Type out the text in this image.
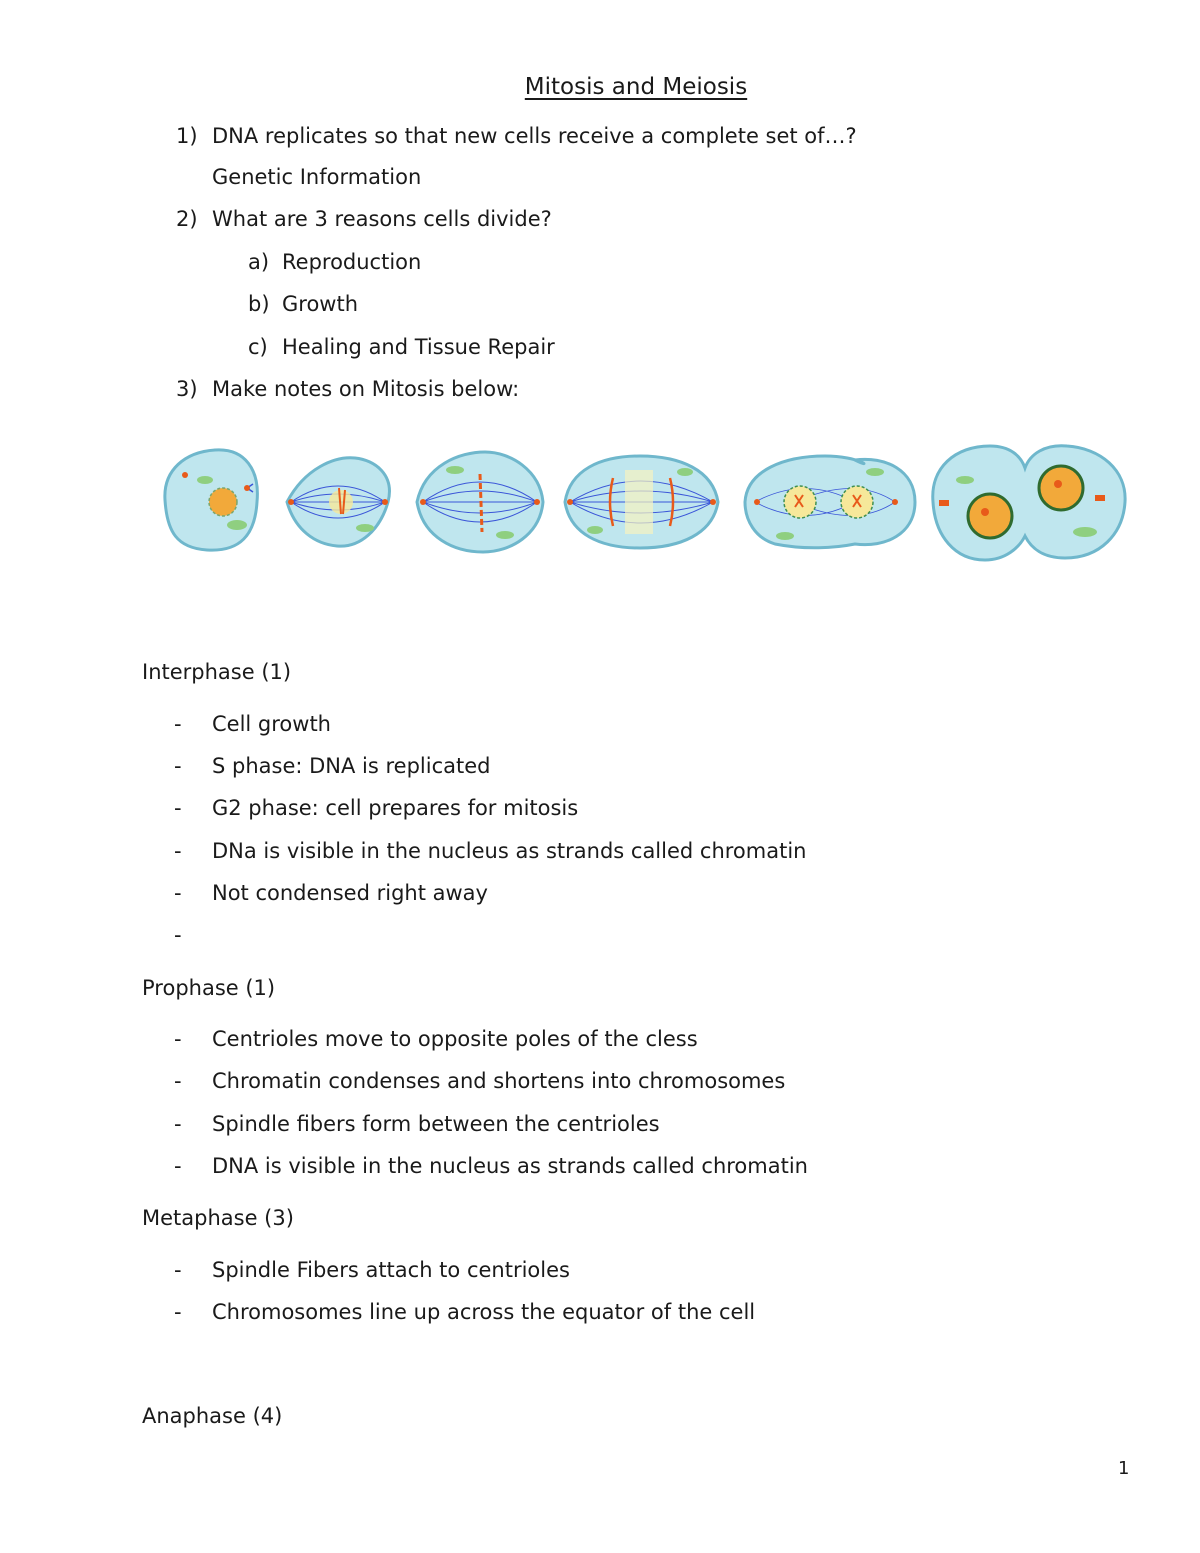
Mitosis and Meiosis
1) DNA replicates so that new cells receive a complete set of…?
Genetic Information
2) What are 3 reasons cells divide?
a) Reproduction
b) Growth
c) Healing and Tissue Repair
3) Make notes on Mitosis below:
Interphase (1)
- Cell growth
- S phase: DNA is replicated
- G2 phase: cell prepares for mitosis
- DNa is visible in the nucleus as strands called chromatin
- Not condensed right away
-
Prophase (1)
- Centrioles move to opposite poles of the cless
- Chromatin condenses and shortens into chromosomes
- Spindle fibers form between the centrioles
- DNA is visible in the nucleus as strands called chromatin
Metaphase (3)
- Spindle Fibers attach to centrioles
- Chromosomes line up across the equator of the cell
Anaphase (4)
1
